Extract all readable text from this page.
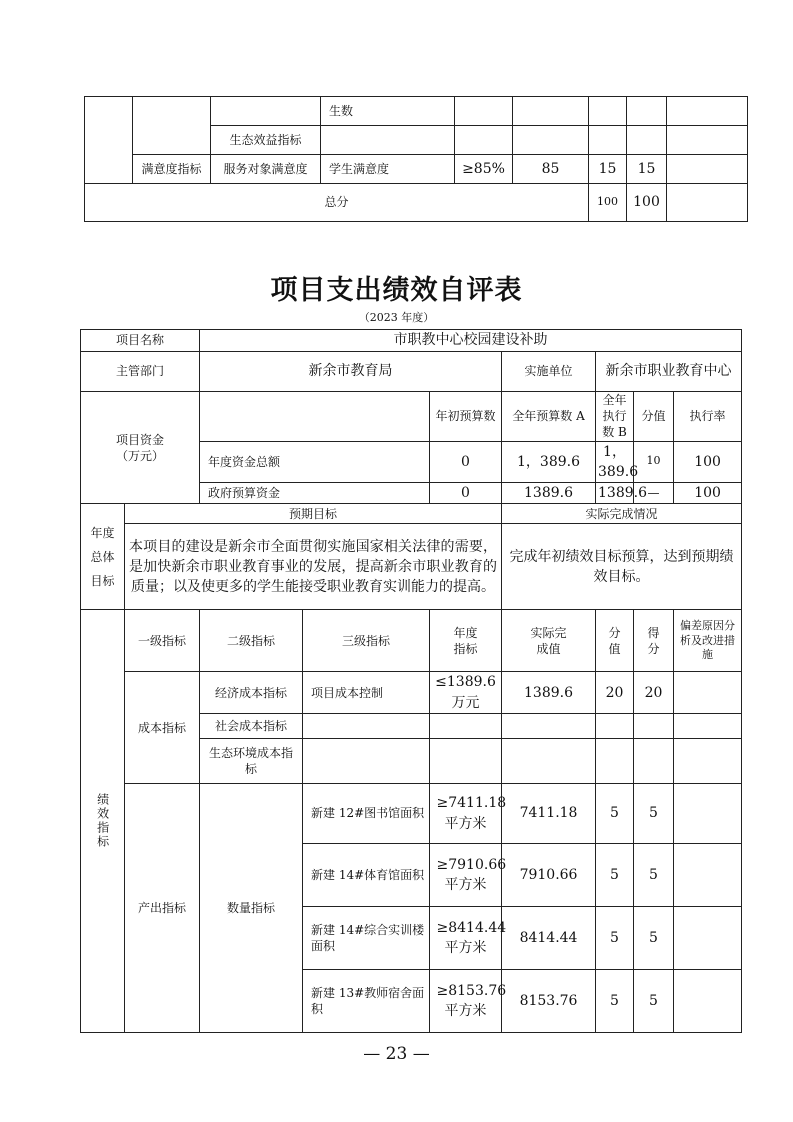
			生数					
		生态效益指标						
	满意度指标	服务对象满意度	学生满意度	≥85%	85	15	15	
总分						100	100	
项目支出绩效自评表
（2023 年度）
项目名称		市职教中心校园建设补助							
主管部门		新余市教育局			实施单位	新余市职业教育中心			

项目资金
（万元）				年初预算数	全年预算数 A	全年执行数 B	分值	执行率	
		年度资金总额		0	1，389.6	1，389.6	10	100	
		政府预算资金		0	1389.6	1389.6	—	100	

年度总体目标	预期目标				实际完成情况				
	本项目的建设是新余市全面贯彻实施国家相关法律的需要，是加快新余市职业教育事业的发展，提高新余市职业教育的质量；以及使更多的学生能接受职业教育实训能力的提高。				完成年初绩效目标预算，达到预期绩效目标。				

绩效指标	一级指标	二级指标	三级指标	年度指标	实际完成值	分值	得分	偏差原因分析及改进措施	

	成本指标	经济成本指标	项目成本控制	≤1389.6万元	1389.6	20	20		
		社会成本指标							

		生态环境成本指标							

	产出指标	数量指标	新建 12#图书馆面积	≥7411.18平方米	7411.18	5	5		
			新建 14#体育馆面积	≥7910.66平方米	7910.66	5	5		
			新建 14#综合实训楼面积	≥8414.44平方米	8414.44	5	5		
			新建 13#教师宿舍面积	≥8153.76平方米	8153.76	5	5		
— 23 —
